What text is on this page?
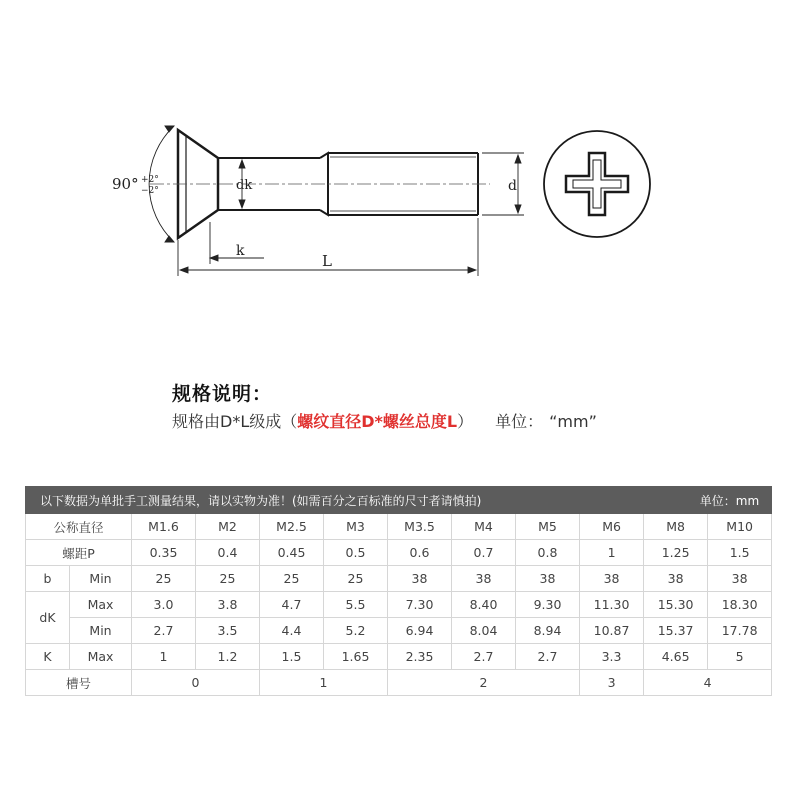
90° +2°
−2°	dk	d
k
L
规格说明：
规格由D*L级成（螺纹直径D*螺丝总度L） 单位： “mm”
以下数据为单批手工测量结果，请以实物为准！(如需百分之百标准的尺寸者请慎拍)										单位：mm	
公称直径		M1.6	M2	M2.5	M3	M3.5	M4	M5	M6	M8	M10
螺距P		0.35	0.4	0.45	0.5	0.6	0.7	0.8	1	1.25	1.5
b	Min	25	25	25	25	38	38	38	38	38	38
dK	Max	3.0	3.8	4.7	5.5	7.30	8.40	9.30	11.30	15.30	18.30
	Min	2.7	3.5	4.4	5.2	6.94	8.04	8.94	10.87	15.37	17.78
K	Max	1	1.2	1.5	1.65	2.35	2.7	2.7	3.3	4.65	5
槽号		0		1		2			3	4	
